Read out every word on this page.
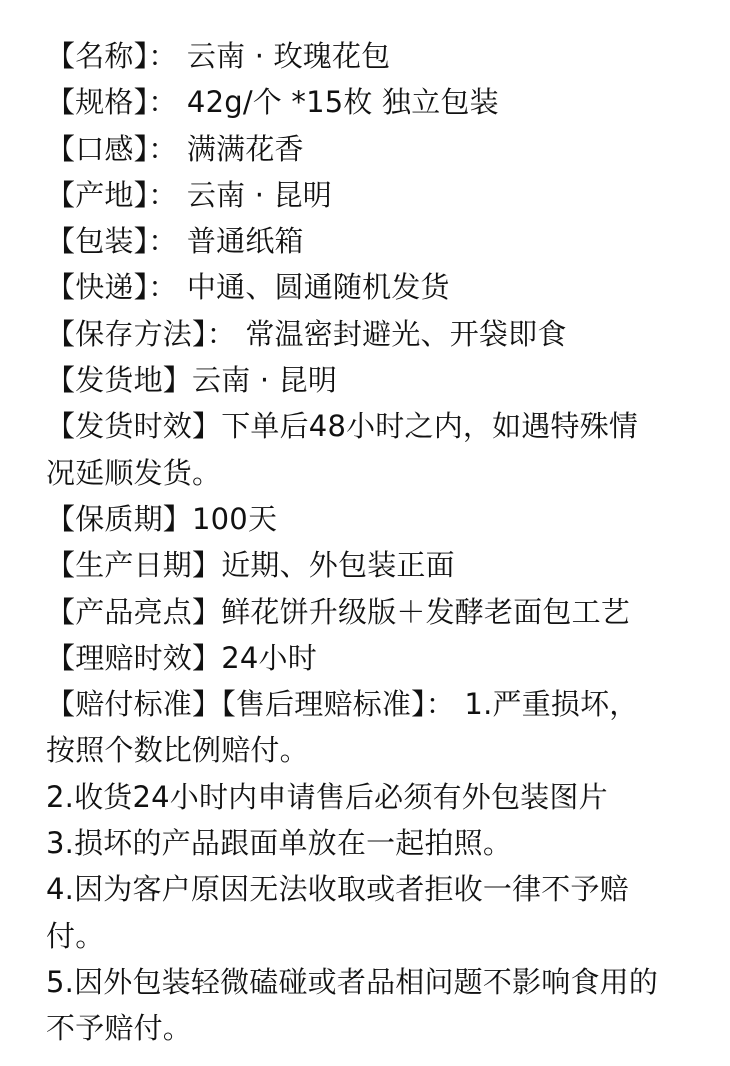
【名称】： 云南 · 玫瑰花包
【规格】： 42g/个 *15枚 独立包装
【口感】： 满满花香
【产地】： 云南 · 昆明
【包装】： 普通纸箱
【快递】： 中通、圆通随机发货
【保存方法】： 常温密封避光、开袋即食
【发货地】云南 · 昆明
【发货时效】下单后48小时之内，如遇特殊情
况延顺发货。
【保质期】100天
【生产日期】近期、外包装正面
【产品亮点】鲜花饼升级版＋发酵老面包工艺
【理赔时效】24小时
【赔付标准】【售后理赔标准】： 1.严重损坏，
按照个数比例赔付。
2.收货24小时内申请售后必须有外包装图片
3.损坏的产品跟面单放在一起拍照。
4.因为客户原因无法收取或者拒收一律不予赔
付。
5.因外包装轻微磕碰或者品相问题不影响食用的
不予赔付。
